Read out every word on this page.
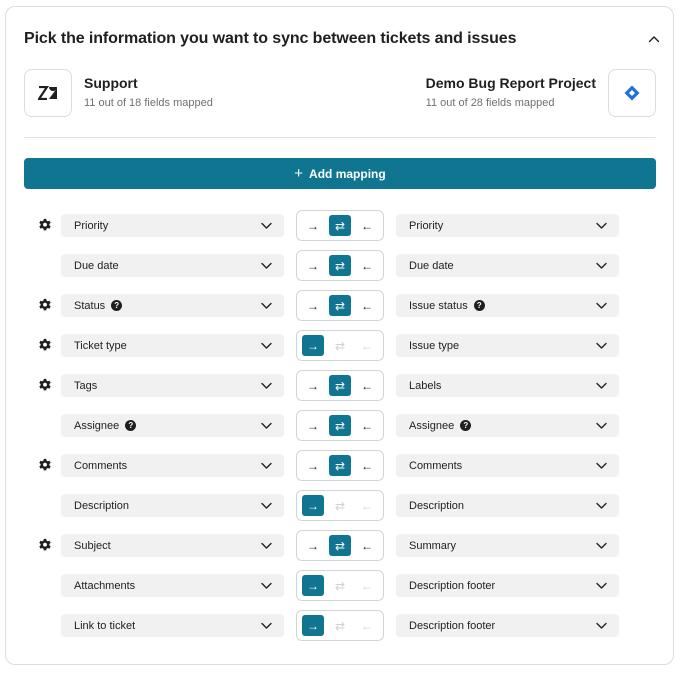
Pick the information you want to sync between tickets and issues
Support
11 out of 18 fields mapped
Demo Bug Report Project
11 out of 28 fields mapped
+ Add mapping
Priority	→	⇄	←	Priority
Due date	→	⇄	←	Due date
Status	?	→	⇄	←	Issue status	?
Ticket type	→	⇄	←	Issue type
Tags	→	⇄	←	Labels
Assignee	?	→	⇄	←	Assignee	?
Comments	→	⇄	←	Comments
Description	→	⇄	←	Description
Subject	→	⇄	←	Summary
Attachments	→	⇄	←	Description footer
Link to ticket	→	⇄	←	Description footer
